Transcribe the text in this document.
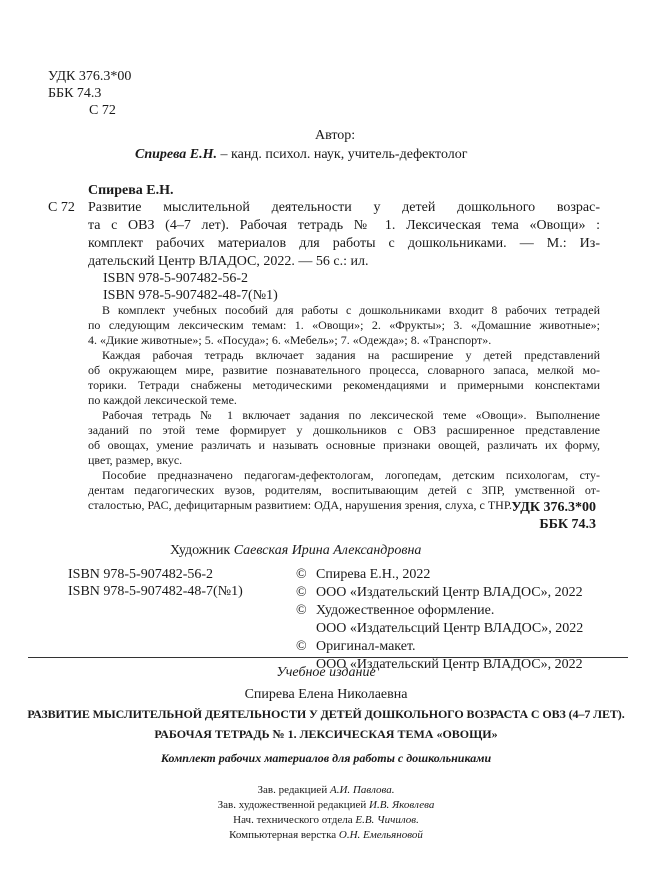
УДК 376.3*00
ББК 74.3
С 72
Автор:
Спирева Е.Н. – канд. психол. наук, учитель-дефектолог
Спирева Е.Н.
С 72 Развитие мыслительной деятельности у детей дошкольного возрас-
та с ОВЗ (4–7 лет). Рабочая тетрадь № 1. Лексическая тема «Овощи» :
комплект рабочих материалов для работы с дошкольниками. — М.: Из-
дательский Центр ВЛАДОС, 2022. — 56 с.: ил.
ISBN 978-5-907482-56-2
ISBN 978-5-907482-48-7(№1)
В комплект учебных пособий для работы с дошкольниками входит 8 рабочих тетрадей
по следующим лексическим темам: 1. «Овощи»; 2. «Фрукты»; 3. «Домашние животные»;
4. «Дикие животные»; 5. «Посуда»; 6. «Мебель»; 7. «Одежда»; 8. «Транспорт».
Каждая рабочая тетрадь включает задания на расширение у детей представлений
об окружающем мире, развитие познавательного процесса, словарного запаса, мелкой мо-
торики. Тетради снабжены методическими рекомендациями и примерными конспектами
по каждой лексической теме.
Рабочая тетрадь № 1 включает задания по лексической теме «Овощи». Выполнение
заданий по этой теме формирует у дошкольников с ОВЗ расширенное представление
об овощах, умение различать и называть основные признаки овощей, различать их форму,
цвет, размер, вкус.
Пособие предназначено педагогам-дефектологам, логопедам, детским психологам, сту-
дентам педагогических вузов, родителям, воспитывающим детей с ЗПР, умственной от-
сталостью, РАС, дефицитарным развитием: ОДА, нарушения зрения, слуха, с ТНР. УДК 376.3*00
ББК 74.3
Художник Саевская Ирина Александровна
ISBN 978-5-907482-56-2
ISBN 978-5-907482-48-7(№1)
© Спирева Е.Н., 2022
© ООО «Издательский Центр ВЛАДОС», 2022
© Художественное оформление.
ООО «Издательсций Центр ВЛАДОС», 2022
© Оригинал-макет.
ООО «Издательский Центр ВЛАДОС», 2022
Учебное издание
Спирева Елена Николаевна
РАЗВИТИЕ МЫСЛИТЕЛЬНОЙ ДЕЯТЕЛЬНОСТИ У ДЕТЕЙ ДОШКОЛЬНОГО ВОЗРАСТА С ОВЗ (4–7 ЛЕТ).
РАБОЧАЯ ТЕТРАДЬ № 1. ЛЕКСИЧЕСКАЯ ТЕМА «ОВОЩИ»
Комплект рабочих материалов для работы с дошкольниками
Зав. редакцией А.И. Павлова.
Зав. художественной редакцией И.В. Яковлева
Нач. технического отдела Е.В. Чичилов.
Компьютерная верстка О.Н. Емельяновой
